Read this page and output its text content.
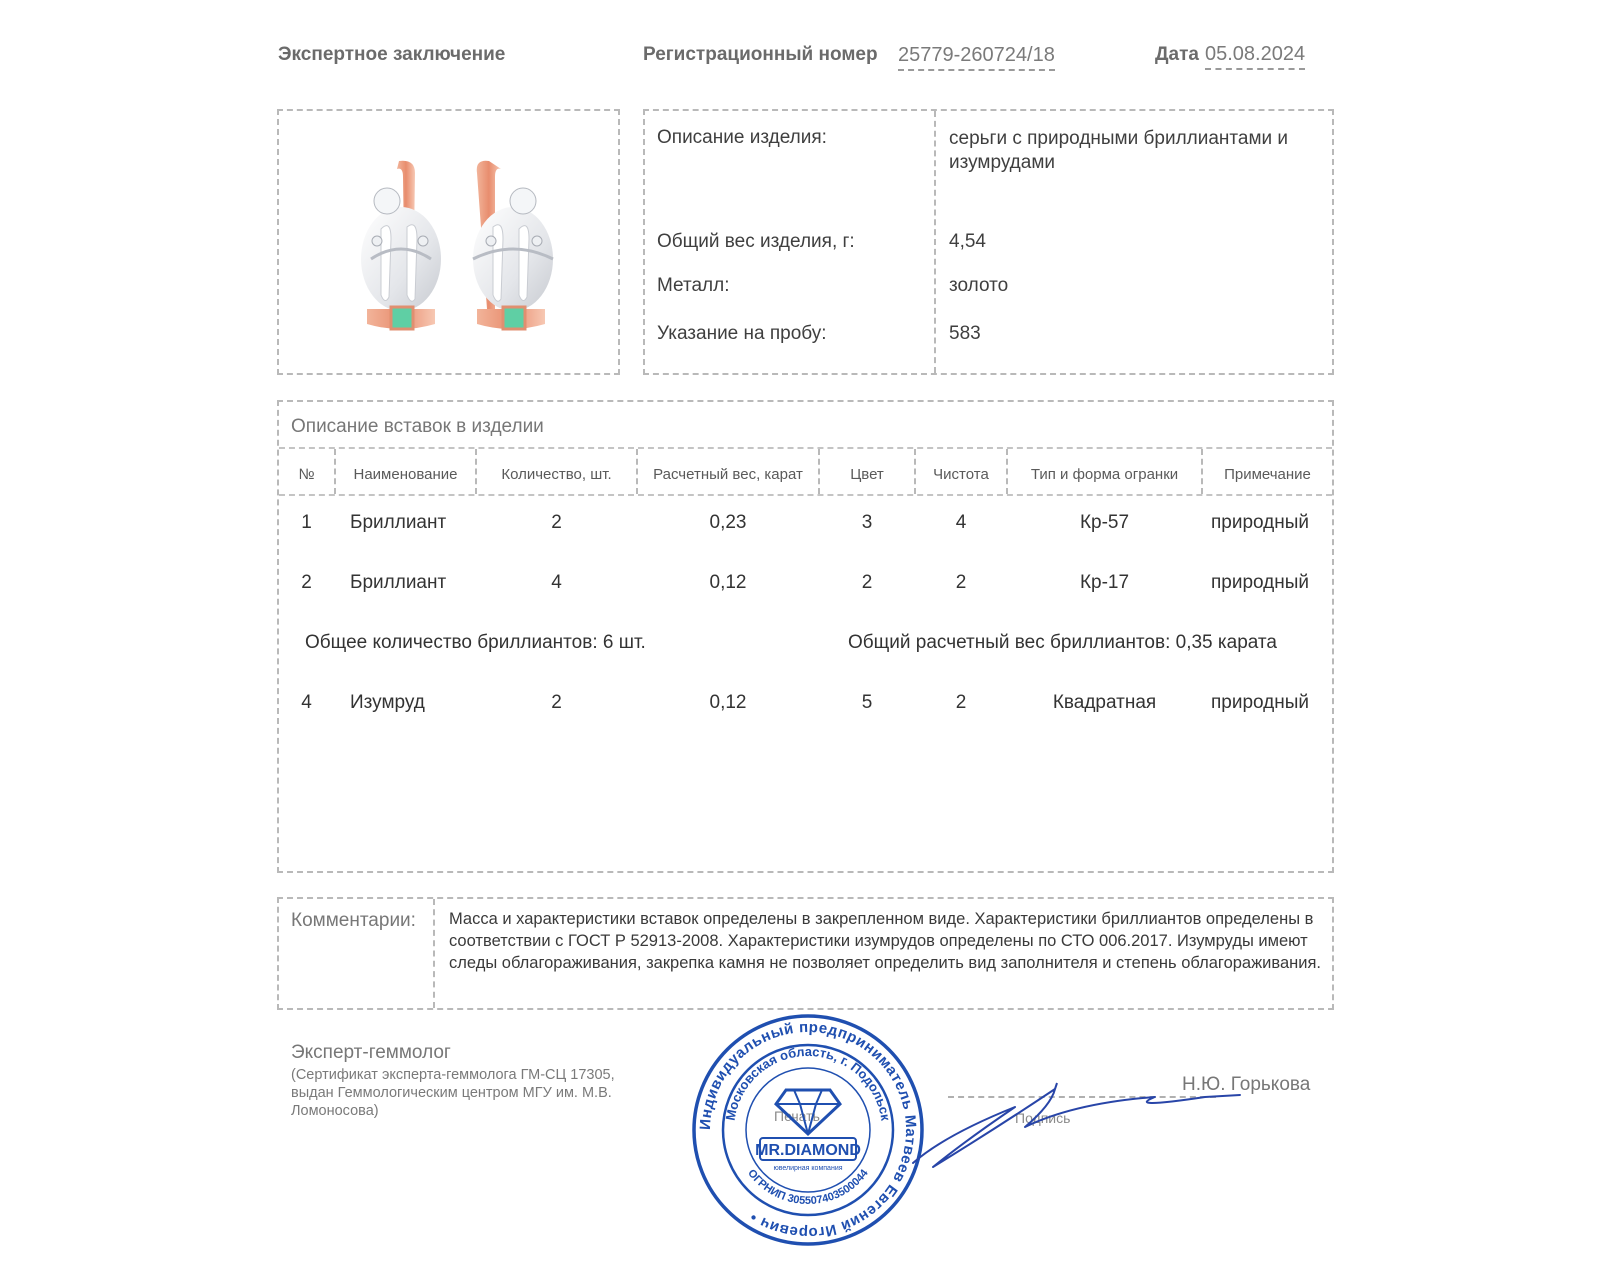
Экспертное заключение	Регистрационный номер 25779-260724/18	Дата 05.08.2024
Описание изделия:	серьги с природными бриллиантами и изумрудами
Общий вес изделия, г:	4,54
Металл:	золото
Указание на пробу:	583
Описание вставок в изделии
№	Наименование	Количество, шт.	Расчетный вес, карат	Цвет	Чистота	Тип и форма огранки	Примечание
1	Бриллиант	2	0,23	3	4	Кр-57	природный
2	Бриллиант	4	0,12	2	2	Кр-17	природный
Общее количество бриллиантов: 6 шт.	Общий расчетный вес бриллиантов: 0,35 карата
4	Изумруд	2	0,12	5	2	Квадратная	природный
Комментарии: Масса и характеристики вставок определены в закрепленном виде. Характеристики бриллиантов определены в соответствии с ГОСТ Р 52913-2008. Характеристики изумрудов определены по СТО 006.2017. Изумруды имеют следы облагораживания, закрепка камня не позволяет определить вид заполнителя и степень облагораживания.
Эксперт-геммолог
(Сертификат эксперта-геммолога ГМ-СЦ 17305, выдан Геммологическим центром МГУ им. М.В. Ломоносова)	Печать	Подпись
Н.Ю. Горькова
Индивидуальный предприниматель Матвеев Евгений Игоревич •
Московская область, г. Подольск
ОГРНИП 305507403500044
MR.DIAMOND
ювелирная компания
